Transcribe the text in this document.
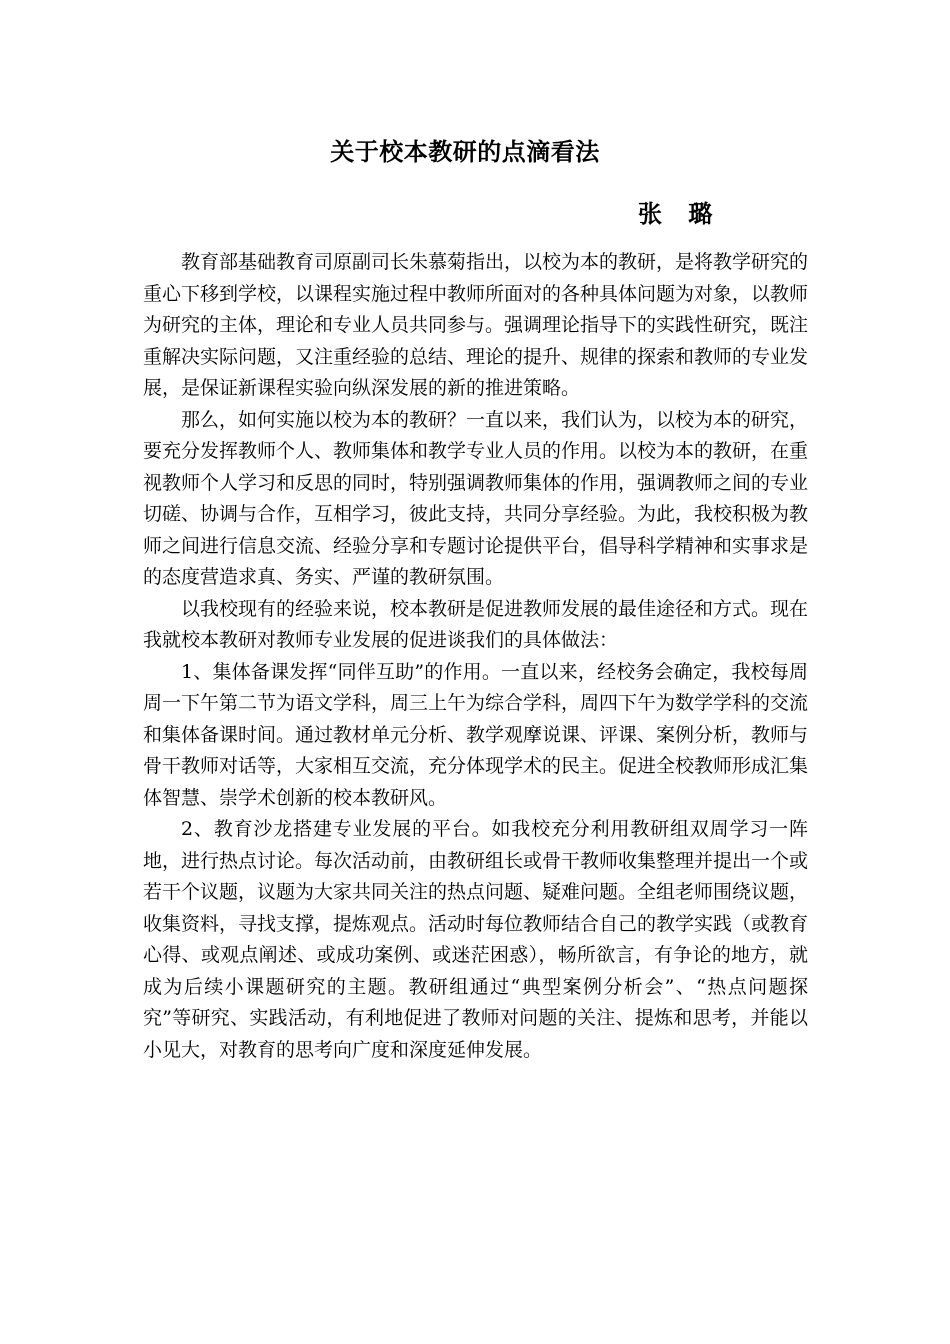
关于校本教研的点滴看法
张 璐

教育部基础教育司原副司长朱慕菊指出，以校为本的教研，是将教学研究的重心下移到学校，以课程实施过程中教师所面对的各种具体问题为对象，以教师为研究的主体，理论和专业人员共同参与。强调理论指导下的实践性研究，既注重解决实际问题，又注重经验的总结、理论的提升、规律的探索和教师的专业发展，是保证新课程实验向纵深发展的新的推进策略。

那么，如何实施以校为本的教研？一直以来，我们认为，以校为本的研究，要充分发挥教师个人、教师集体和教学专业人员的作用。以校为本的教研，在重视教师个人学习和反思的同时，特别强调教师集体的作用，强调教师之间的专业切磋、协调与合作，互相学习，彼此支持，共同分享经验。为此，我校积极为教师之间进行信息交流、经验分享和专题讨论提供平台，倡导科学精神和实事求是的态度营造求真、务实、严谨的教研氛围。

以我校现有的经验来说，校本教研是促进教师发展的最佳途径和方式。现在我就校本教研对教师专业发展的促进谈我们的具体做法：

1、集体备课发挥“同伴互助”的作用。一直以来，经校务会确定，我校每周周一下午第二节为语文学科，周三上午为综合学科，周四下午为数学学科的交流和集体备课时间。通过教材单元分析、教学观摩说课、评课、案例分析，教师与骨干教师对话等，大家相互交流，充分体现学术的民主。促进全校教师形成汇集体智慧、崇学术创新的校本教研风。

2、教育沙龙搭建专业发展的平台。如我校充分利用教研组双周学习一阵地，进行热点讨论。每次活动前，由教研组长或骨干教师收集整理并提出一个或若干个议题，议题为大家共同关注的热点问题、疑难问题。全组老师围绕议题，收集资料，寻找支撑，提炼观点。活动时每位教师结合自己的教学实践（或教育心得、或观点阐述、或成功案例、或迷茫困惑），畅所欲言，有争论的地方，就成为后续小课题研究的主题。教研组通过“典型案例分析会”、“热点问题探究”等研究、实践活动，有利地促进了教师对问题的关注、提炼和思考，并能以小见大，对教育的思考向广度和深度延伸发展。
